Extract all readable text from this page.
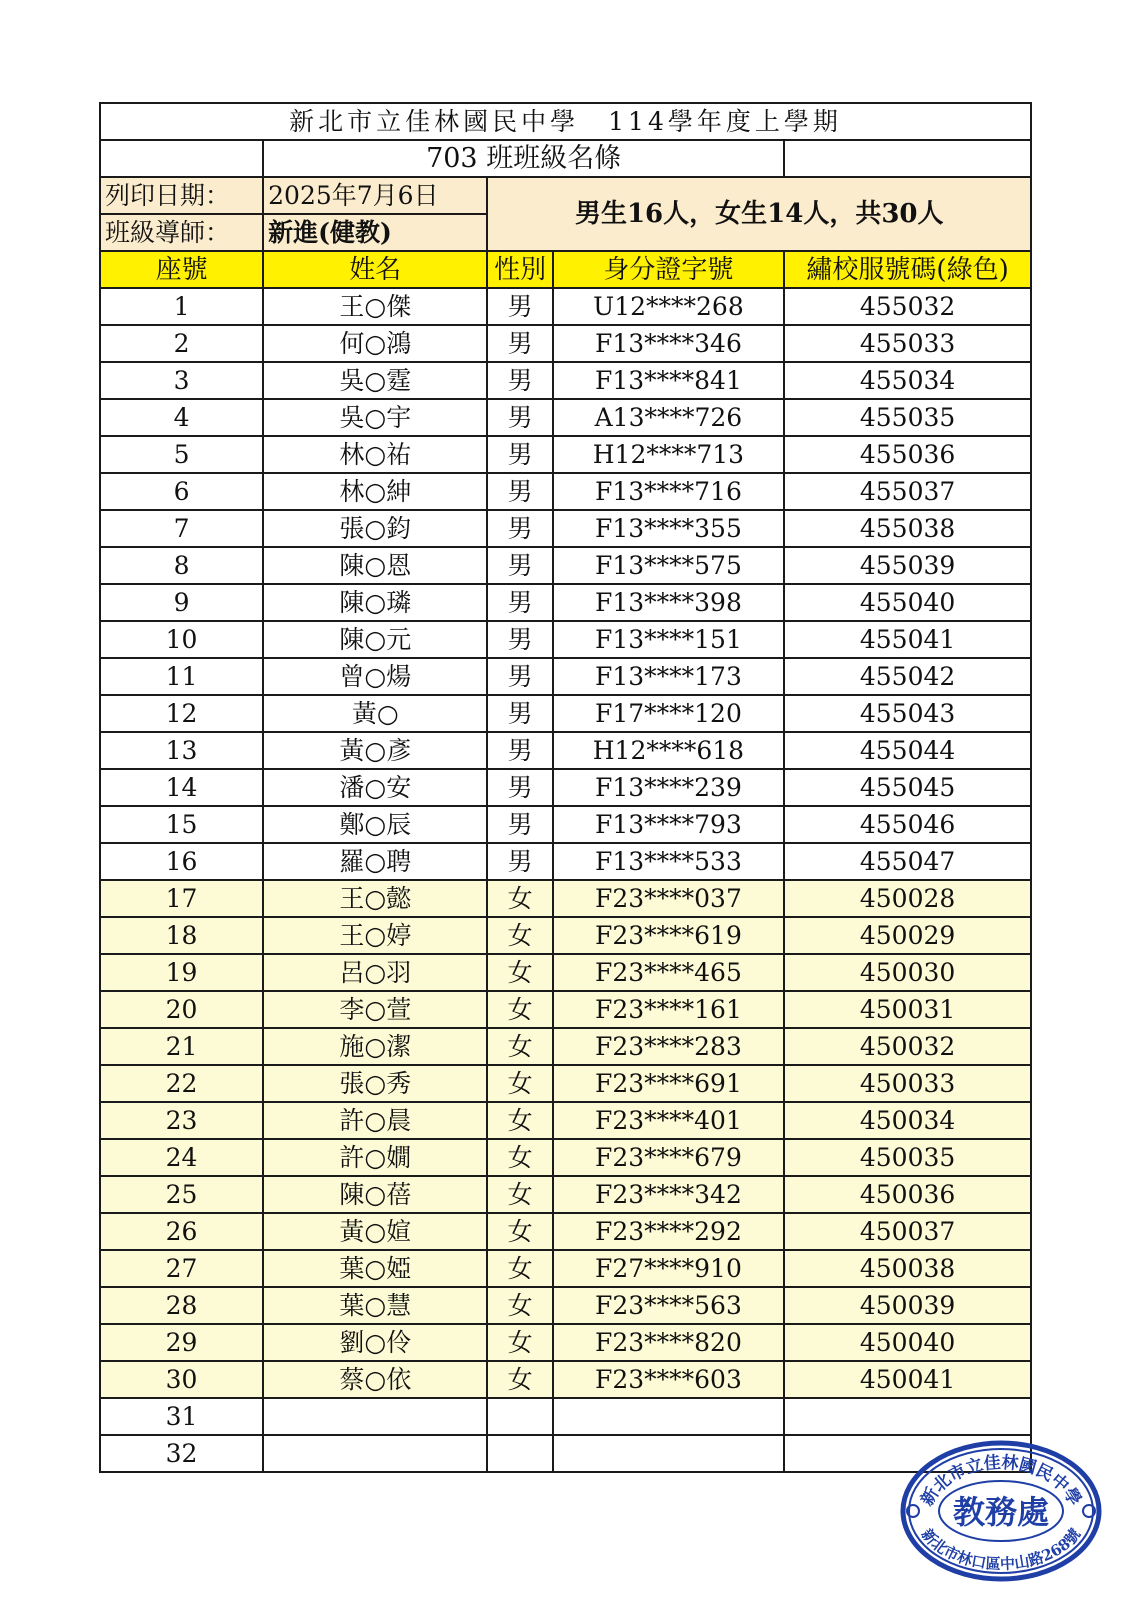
新北市立佳林國民中學　114學年度上學期				
	703 班班級名條			
列印日期：	2025年7月6日	男生16人，女生14人，共30人		
班級導師：	新進(健教)			
座號	姓名	性別	身分證字號	繡校服號碼(綠色)
1	王○傑	男	U12****268	455032
2	何○鴻	男	F13****346	455033
3	吳○霆	男	F13****841	455034
4	吳○宇	男	A13****726	455035
5	林○祐	男	H12****713	455036
6	林○紳	男	F13****716	455037
7	張○鈞	男	F13****355	455038
8	陳○恩	男	F13****575	455039
9	陳○璘	男	F13****398	455040
10	陳○元	男	F13****151	455041
11	曾○煬	男	F13****173	455042
12	黃○	男	F17****120	455043
13	黃○彥	男	H12****618	455044
14	潘○安	男	F13****239	455045
15	鄭○辰	男	F13****793	455046
16	羅○聘	男	F13****533	455047
17	王○懿	女	F23****037	450028
18	王○婷	女	F23****619	450029
19	呂○羽	女	F23****465	450030
20	李○萱	女	F23****161	450031
21	施○潔	女	F23****283	450032
22	張○秀	女	F23****691	450033
23	許○晨	女	F23****401	450034
24	許○嫺	女	F23****679	450035
25	陳○蓓	女	F23****342	450036
26	黃○媗	女	F23****292	450037
27	葉○婭	女	F27****910	450038
28	葉○慧	女	F23****563	450039
29	劉○伶	女	F23****820	450040
30	蔡○依	女	F23****603	450041
31				
32				
新北市立佳林國民中學
教務處
新北市林口區中山路268號
